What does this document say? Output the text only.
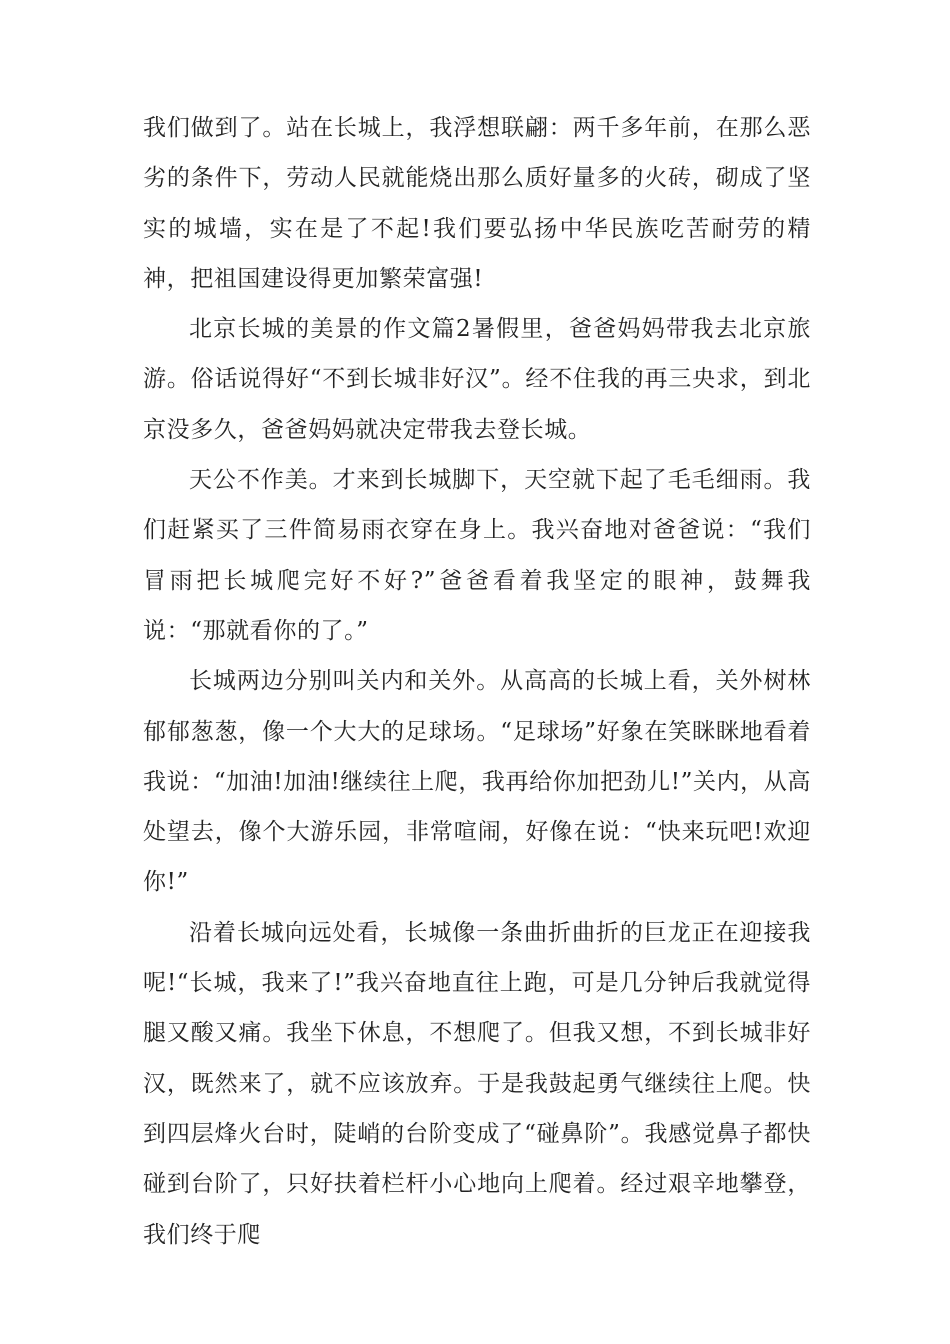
我们做到了。站在长城上，我浮想联翩：两千多年前，在那么恶劣的条件下，劳动人民就能烧出那么质好量多的火砖，砌成了坚实的城墙，实在是了不起!我们要弘扬中华民族吃苦耐劳的精神，把祖国建设得更加繁荣富强!

北京长城的美景的作文篇2暑假里，爸爸妈妈带我去北京旅游。俗话说得好“不到长城非好汉”。经不住我的再三央求，到北京没多久，爸爸妈妈就决定带我去登长城。

天公不作美。才来到长城脚下，天空就下起了毛毛细雨。我们赶紧买了三件简易雨衣穿在身上。我兴奋地对爸爸说：“我们冒雨把长城爬完好不好?”爸爸看着我坚定的眼神，鼓舞我说：“那就看你的了。”

长城两边分别叫关内和关外。从高高的长城上看，关外树林郁郁葱葱，像一个大大的足球场。“足球场”好象在笑眯眯地看着我说：“加油!加油!继续往上爬，我再给你加把劲儿!”关内，从高处望去，像个大游乐园，非常喧闹，好像在说：“快来玩吧!欢迎你!”

沿着长城向远处看，长城像一条曲折曲折的巨龙正在迎接我呢!“长城，我来了!”我兴奋地直往上跑，可是几分钟后我就觉得腿又酸又痛。我坐下休息，不想爬了。但我又想，不到长城非好汉，既然来了，就不应该放弃。于是我鼓起勇气继续往上爬。快到四层烽火台时，陡峭的台阶变成了“碰鼻阶”。我感觉鼻子都快碰到台阶了，只好扶着栏杆小心地向上爬着。经过艰辛地攀登，我们终于爬
